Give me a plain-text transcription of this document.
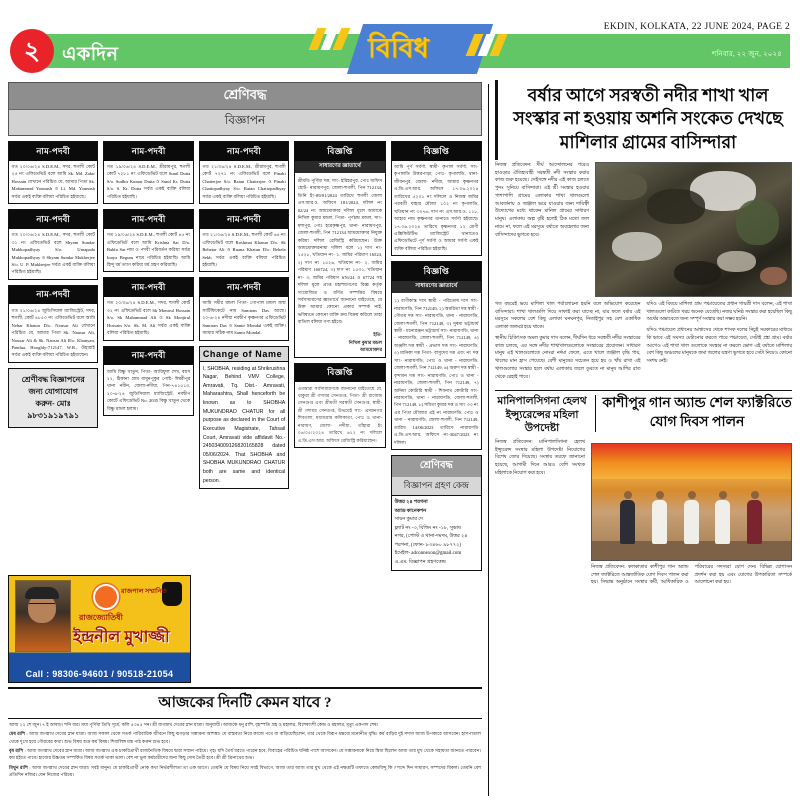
২	একদিন	বিবিধ
EKDIN, KOLKATA, 22 JUNE 2024, PAGE 2
শনিবার, ২২ জুন, ২০২৪
শ্রেণিবদ্ধ
বিজ্ঞাপন
নাম-পদবী
গত ২০/০৬/২৪ S.D.E.M., সদর, হুগলী কোর্ট ২৫ নং এফিডেভিট বলে আমি Sk. Md. Zakir Hossain যেখানে পরিচিত যে, আমার পিতা Sk. Mahammad Younush ও Lt. Md. Younush সর্বত্র একই ব্যক্তি বলিয়া পরিচিত হইয়াছে।
নাম-পদবী
গত ২০/০৬/২৪ S.D.E.M., সদর, হুগলী কোর্ট ৩১ নং এফিডেভিট বলে Shyam Sundar Mukhopadhyay S/o. Umapada Mukhopadhyay ও Shyam Sundar Mukherjee S/o. U. P. Mukherjee সর্বত্র একই ব্যক্তি বলিয়া পরিচিত হইয়াছি।
নাম-পদবী
গত ২১/০৬/২৪ জুডিসিয়াল ম্যাজিস্ট্রেট, সদর, হুগলী, কোর্ট ৪৮৫০ নং এফিডেভিট বলে আমি Nehar Khatun D/o. Nousar Ali যেখানে পরিচিত যে, আমার পিতা Sk. Nausar Ali, Nousar Ali & Sk. Naosar Ali R/o. Khanyan, Pandua, Hooghly-712147, W.B., উহারাই সর্বত্র একই ব্যক্তি বলিয়া পরিচিত হইয়াছেন।
শ্রেণীবদ্ধ বিজ্ঞাপনের
জন্য যোগাযোগ
করুন- মোঃ
৯৮৩১৯১৯৭৯১
নাম-পদবী
গত ১৯/০৬/২৪ S.D.E.M., শ্রীরামপুর, হুগলী কোর্ট ৭২৮১ নং এফিডেভিট বলে Sunil Dutta S/o. Sudhir Kumar Dutta ও Sunil Kr. Dutta S/o. S. Kr. Dutta সর্বত্র একই ব্যক্তি বলিয়া পরিচিত হইয়াছি।
নাম-পদবী
গত ১৯/০৬/২৪ S.D.E.M., হুগলী কোর্ট ৪৫ নং এফিডেভিট বলে আমি Krishna Sar D/o. Bablu Sar নাম ও পদবী পরিবর্তন করিয়া সর্বত্র Inaya Begum নামে পরিচিত হইয়াছি। আমি হিন্দু ধর্ম ত্যাগ করিয়া ধর্ম গ্রহণ করিয়াছি।
নাম-পদবী
গত ২০/০৬/২৪ S.D.E.M., সদর, হুগলী কোর্ট ৩২ নং এফিডেভিট বলে Sk Monirul Hossain S/o. Sk Mahammad Ali ও Sk Monjirul Hossain S/o. Sk. M. Ali সর্বত্র একই ব্যক্তি বলিয়া পরিচিত হইয়াছি।
নাম-পদবী
আমি বিষ্ণু খাতুন, পিতা- আরিফুল শেখ, বয়স ২২, ঠিকানা গ্রাম বামুনপুকুর পোষ্ট- ঈশ্বরীপুর থানা নবীন, জেলা-নদীয়া, পিন-৭৪১৫১৩, ২০-৬-২৪ জুডিসিয়াল ম্যাজিস্ট্রেট, নবদ্বীপ কোর্টে এফিডেভিট No. 2035 বিষ্ণু খাতুন থেকে বিষ্ণু মন্ডল হলাম।
নাম-পদবী
গত ২১/০৬/২৪ S.D.E.M., শ্রীরামপুর, হুগলী কোর্ট ৭২৭১ নং এফিডেভিট বলে Pinaki Chatterjee S/o. Ratan Chatterjee ও Pinaki Chattopadhyay S/o. Ratan Chattopadhyay সর্বত্র একই ব্যক্তি বলিয়া পরিচিত হইয়াছি।
নাম-পদবী
গত ২১/০৬/২৪ S.D.E.M., হুগলী কোর্ট ৬৫ নং এফিডেভিট বলে Roshmai Khatun D/o. Sk Behetar Ali ও Ruana Khatun D/o. Behela Sekh সর্বত্র একই ব্যক্তি বলিয়া পরিচিত হইয়াছি।
নাম-পদবী
আমি সমীর মন্ডল পিতা- গোপাল মন্ডল জন্ম সার্টিফিকেটে নাম Samiran Das আছে। ২০-৬-২৪ নদীয়া নবদ্বীপ কৃষ্ণনগর এফিডেভিট Samiran Das ও Samir Mondal একই ব্যক্তি। আমার সঠিক নাম Samir Mondal.
Change of Name
I, SHOBHA, residing at Shrikrushna Nagar, Behind VMV College, Amravati, Tq. Dist.- Amravati, Maharashtra, Shall henceforth be known as to SHOBHA MUKUNDRAO CHATUR for all purpose as declared in the Court of Executive Magistrate, Tahsail Court, Amravati vide affidavit No.- 245034009126820165828 dated 05/06/2024. That SHOBHA and SHOBHA MUKUNDRAO CHATUR both are same and identical person.
বিজ্ঞপ্তি
সাধারণের জ্ঞাতার্থে
শ্রীমতি পূর্ণিমা দত্ত, সাং- হরিহরপুর, পোঃ অফিস ছোট- নারায়ণপুর, জেলা-হুগলী, পিন 712134, তিনি ইং-09/01/2024 তারিখে হুগলী জেলা এস.আর.ও. অফিসে 181/2024, দলিল নং 02/24 নং আমমোক্তার দলিল মূলে আমাকে নিখিল কুমার মন্ডল, পিতা- পূর্ণচন্দ্র মন্ডল, সাং- মশাপুর, পোঃ হরেকৃষ্ণপুর, থানা- নারায়ণপুর, জেলা-হুগলী, পিন 712134 আমমোক্তার নিযুক্ত করিয়া দলিল রেজিস্ট্রি করিয়াছেন। উক্ত আমমোক্তারনামা দলিল বলে ১) দাগ নং- ১৫২৮, খতিয়ান নং- ১, জমির পরিমাণ 16524, ২) দাগ নং ১৫২৬, খতিয়ান নং- ২, জমির পরিমাণ 160724, ৩) দাগ নং ১৫৩১, খতিয়ান নং- ৩, জমির পরিমাণ 676/24 ও 67724 সহ দলিল মূলে প্রাপ্ত মহাশয়গণের বিজ্ঞ কর্তৃক সংযোজিত ও বর্ণিত সম্পত্তির বিষয়ে সর্বসাধারণের জ্ঞাতার্থে জানানো যাইতেছে, যে উক্ত আমার কোনো প্রকার সম্পর্ক নাই, ভবিষ্যতে কোনো ব্যক্তি ক্রয় বিক্রয় করিলে তাহা বাতিল বলিয়া গণ্য হইবে।
ইতি-
নিখিল কুমার মন্ডল
আমমোক্তার
বিজ্ঞপ্তি
এতদ্বারা সর্বসাধারণকে জানানো যাইতেছে যে, থাকুরা শ্রী গদাধর সেনগুপ্ত, পিতা- শ্রী রাজেন্দ্র সেনগুপ্ত এবং শ্রীমতী সরস্বতী সেনগুপ্ত, স্বামী- শ্রী গদাধর সেনগুপ্ত, উভয়েই সাং- প্রসন্ননগর শিবতলা, মধ্যমগ্রাম কলিকাতা, পোঃ ও থানা- নারায়ণ, জেলা- নদীয়া, তাঁহারা ইং ০৬/০৫/২০২৪ তারিখে ৬২২ নং দলিলে এ.ডি.এস.আর. অফিসে রেজিস্ট্রি করিয়াছেন।
বিজ্ঞপ্তি
আমি পূর্ণ সর্বর্ণা, স্বামী- কৃপাল সর্বর্ণা, সাং- কৃপালডি উত্তরপাড়া, পোঃ- কৃপালডি, থানা- জীবনপুর, জেলা- নদীয়া, আমার কৃষ্ণনগর এ.ডি.এস.আর. অফিসে ১৭.০৬.২০২৪ তারিখের ৫২০১ নং দলিলে ও নিজস্ব জমির পরবর্তী যাহার মৌজা ১০২ নং কৃপালডি, খতিয়ান নং ৩০৭৬, দাগ নং এস.আর.ও. ১১৮, আহার নাম কৃষ্ণনগর থানাতে সর্বর্ণা হইয়াছে। ১৭.০৬.২০২৪ তারিখে কৃষ্ণনগর ১২ শ্রেণী এক্সিকিউটিভ ম্যাজিস্ট্রেট থানাতেও এফিডেভিটে পূর্ণ সর্বর্ণা ও আমার সর্বর্ণা একই ব্যক্তি বলিয়া পরিচিত হইয়াছি।
বিজ্ঞপ্তি
সাধারণের জ্ঞাতার্থে
১) বাণীকান্ত দাস স্বামী - পরিতোষ দাস সাং- নারায়ণডি, পিন 712149, ২) অমরিতা দত্ত স্বামী - গৌতম দত্ত সাং- নারায়ণডি, থানা - নারায়ণডি, জেলা-হুগলী, পিন 712149, ৩) সুষমা ভট্টাচার্য স্বামী - মনোরঞ্জন ভট্টাচার্য সাং- নারায়ণডি, থানা - নারায়ণডি, জেলা-হুগলী, পিন 712149, ৪) অঞ্জলি দত্ত স্বামী - প্রভাস দত্ত সাং- নারায়ণডি, ৫) মানিকা দত্ত পিতা- বাসুদেব দত্ত এবং নং দত্ত সাং- নারায়ণডি, পোঃ ও থানা - নারায়ণডি, জেলা-হুগলী, পিন 712149, ৬) অরুণ দত্ত স্বামী - বৃন্দাবন দত্ত সাং- নারায়ণডি, পোঃ ও থানা - নারায়ণডি, জেলা-হুগলী, পিন 712149, ৭) অনিমা কোটারি স্বামী - শিবনাথ কোটারি সাং- নারায়ণডি, থানা - নারায়ণডি, জেলা-হুগলী, পিন 712149, ৮) সবিতা কুমার দত্ত ও সাং ৩৩ নং এর পিতা মৌজার এই নং নারায়ণডি, পোঃ ও থানা - নারায়ণডি, জেলা-হুগলী, পিন 712149, তারিখ 14/06/2023 তারিখে নারায়ণডি এ.ডি.এস.আর. অফিসে নং-3047/2023 নং দলিল।
শ্রেণিবদ্ধ
বিজ্ঞাপন গ্রহণ কেন্দ্র
উত্তর ২৪ পরগনা
অ্যাড কানেকশন
সায়ন কুমার দে
ফ্ল্যাট নং -৩, বিল্ডিং নং -১৮, সুভাষ
নগর, (পোস্ট ও থানা-দমদম, উত্তর ২৪
পরগনা, (ফোন- ৮৩৪৬০ ৯৮৭৭২)
ইমেইল- adconnexon@gmail.com
এ.এম. বিজ্ঞাপন গ্রহণকেন্দ্র
রাজপাল সম্মানিত
রাজজ্যোতিষী
ইন্দ্রনীল মুখাজ্জী
Call : 98306-94601 / 90518-21054
আজকের দিনটি কেমন যাবে ?

আজ ২২ শে জুন। ৭ ই আষাঢ়। শনি বার। মঘা পূর্ণিমা তিথি সূর্যে, কলি ৫৩৪৫ সন। শ্রী জগন্নাথ দেবের স্নান যাত্রা। অনুযায়ী। আজকে ধনু রাশি, বৃহস্পতি গ্রহ ও মহালগ্ন, বিশেষাংশী কেন্দ্র ও মহালগ্ন, মৃত্যু একপাদ শেষ।

মেষ রাশি : আজ জগন্নাথ দেবের স্নান যাত্রা। আজ সকাল থেকে সতর্ক পারিবারিক জীবনে কিছু ঝগড়ার সম্ভাবনা আশঙ্কা। যে বাস্তবতা নিয়ে কাজে পথে বা বাড়িয়েছিলেন, তার থেকে বিরূপ মন্তব্যে মনোনীত বৃদ্ধি। কর্ম বাড়ির দুই সদস্য আজ উপকারে আসবেন। হাসপাতাল থেকে দুঃখ হয়ে গৌরবের কথা। শুভ বিষয় শুভ্র কর্ম বিষয়। শিবালিঙ্গ মন্ত্র পাঠ করুন শুভ হবে।

বৃষ রাশি : আজ জগন্নাথ দেবের স্নান যাত্রা। আজ জগন্নাথ এক চাকরিপ্রার্থী রাজনৈতিক বিষয়ে দ্বারা সম্মান পাইয়ে। গৃহ। যদি তৈর্য ধরতে পারেন হবে, বিবাহের পরিচিত ঘনিষ্ঠ পাশে আসবেন। যে সম্ভাবনাকে নিয়ে দ্বিধা ছিলেন আজ তার মুখ থেকে সহায়তা জানতে পারবেন। কম হইতে পাবে। হাজের উচ্চতম সম্পর্কিত বিষয় সতর্ক থাকা ভাল। বেশ না ভুল কর্মচারীদের জন্য কিছু দোষ তৈরী হবে। শ্রী শ্রী ত্রিনাথের শুভ।

মিথুন রাশি : আজ জগন্নাথ দেবের স্নান যাত্রা। সবই মানুন। যে চাকরিপ্রার্থী নোক কথা নির্ভরশীলতা তা এক আগে। তেমনি যে বিষয় নিয়ে সবই বিভাগে, আজ তার আজ তার মুখ থেকে এই নক্ষত্রটি তফাতে কেন্দ্রবিন্দু কি ? শব্দে দিন সাধারণ, সম্পদের বিকল। তেমনি বেশ প্রতিদিন নজির। যেন নিজের পরিচয়।

বর্ষার আগে সরস্বতী নদীর শাখা খাল সংস্কার না হওয়ায় অশনি সংকেত দেখছে মাশিলার গ্রামের বাসিন্দারা

নিজস্ব প্রতিবেদন: দীর্ঘ আন্দোলনের পরেও হাওড়ার ঐতিহ্যবাহী সরস্বতী নদী সংস্কার করার কাজ শুরু হয়েছে। সেইসঙ্গে নদীর এই কাজ চলতে পুনঃ সুনিয়ে বাসিন্দারা। এই শ্রী সংস্কার হওয়ার পাশাপাশি গ্রামের এলাকার শাখা খালগুলো আবর্জনায় ও জঞ্জাল ভরে যাওয়ার জন্য দায়িত্বী উদ্যোগের মধ্যে থাকেন মানিল গ্রামের সাধারণ মানুষ। এলাকায় অল্প বৃষ্টি হলেই ঠিক মতো জল নামে না, ফলে এই মরসুমে বর্ষাতে অবহেলার জন্য বাসিন্দাদের ভুগতে হবে।

গত বছরেই ভয়ে মাশিলা খাল পর্যালোচনা হয়নি বলে অভিযোগ করেছেন বাসিন্দারা। শাখা খালগুলি দিয়ে সাফাই করা যাচ্ছে না, যার ফলে বর্ষার এই মরসুমে সকলের বেশ কিছু এলাকা ঘনঘনপুর, নিতাইপুর সহ বেশ একাধিক এলাকা জলমগ্ন হয়ে থাকে।

স্থানীয় চিকিৎসক অমল কুমার দাস বলেন, দীর্ঘদিন ধরে সরস্বতী নদীর সংস্কারের কাজ চলছে, এর সঙ্গে নদীর শাখাখালগুলোকে সংস্কারের প্রয়োজন। সাধারণ মানুষ এই খালগুলোতে নোংরা নর্দমা ফেলে, এতে খালে জঞ্জাল বৃদ্ধি পায়, খালের মান হ্রাস পেয়েছে। বেশী মানুষের সচেতন হয়ে হয় ও খাঁয় রাখা এই খালগুলোর সংস্কার হলে বর্ষায় এলাকায় জলে ডুবতে না মানুষ আশির রাত থেকে রেহাই পাবে।

যদিও এই বিষয়ে মাশিলা গ্রাম পঞ্চায়েতের প্রধান গায়ত্রী দাস বলেন, এই শাখা খালগুলো কাটতে খরচ অনেক যেতেছি। নজর ঘনিষ্ঠ সংস্কার করা হয়েছিল কিছু অর্থের অভাবেতে জন্য সম্পূর্ণ সংস্কার করা সম্ভব হয়নি।

যদিও পঞ্চায়েত প্রধানের আশ্বাসের থেকে শাসক দলের নিচুই সরকারের মাধ্যমে কি ভাবে এই সমস্যা মেটানোর করতে পারে পঞ্চায়েত, সেটাই প্রশ্ন গ্রাম। বর্ষার আগেও এই শাখা খাল গুলোকে সংস্কার না করলে ভোগ এই বর্ষাতে মাশিলার বেশ কিছু অঞ্চলের মানুষকে জমা জলের যন্ত্রণা ভুগতে হবে সেটা নিয়েও কোনো সংশয় নেই।

মানিপালসিগনা হেলথ ইন্স্যুরেন্সের মহিলা উপদেষ্টা
কাশীপুর গান অ্যান্ড শেল ফ্যাক্টরিতে যোগ দিবস পালন

নিজস্ব প্রতিবেদন: মানিপালসিগনা হেলথ ইন্স্যুরেন্স সংস্থার মহিলা উপদেষ্টা নিয়োগের বিশেষ জোর দিয়েছে। সংস্থার তরফে জানানো হয়েছে, আগামী দিনে আরও বেশি সংখ্যক মহিলাকে নিয়োগ করা হবে।

নিজস্ব প্রতিবেদন: কলকাতার কাশীপুর গান অ্যান্ড শেল ফ্যাক্টরিতে আন্তর্জাতিক যোগ দিবস পালন করা হয়। সিদ্ধান্ত অনুষ্ঠানে সংস্থার কর্মী, আধিকারিক ও পরিবারের সদস্যরা যোগ দেন। বিভিন্ন যোগাসন প্রদর্শন করা হয় এবং যোগের উপকারিতা সম্পর্কে আলোচনা করা হয়।
